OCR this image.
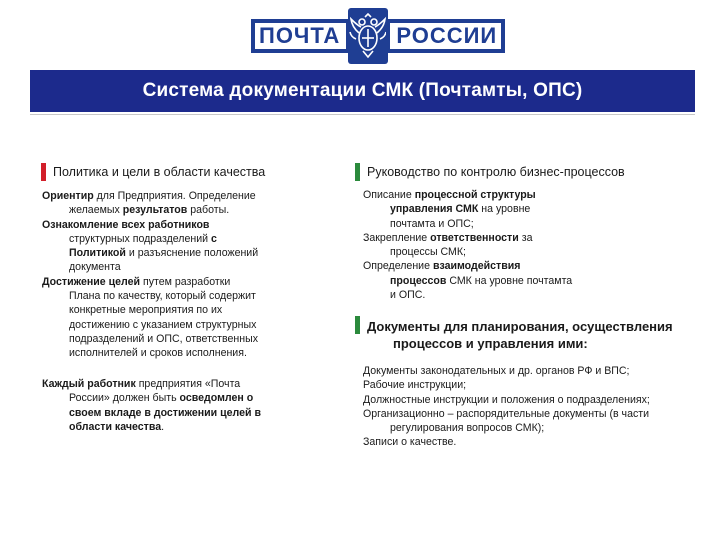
ПОЧТА	РОССИИ
Система документации СМК (Почтамты, ОПС)
Политика и цели в области качества

Ориентир для Предприятия. Определение
желаемых результатов работы.

Ознакомление всех работников
структурных подразделений с
Политикой и разъяснение положений
документа

Достижение целей путем разработки
Плана по качеству, который содержит
конкретные мероприятия по их
достижению с указанием структурных
подразделений и ОПС, ответственных
исполнителей и сроков исполнения.

Каждый работник предприятия «Почта
России» должен быть осведомлен о
своем вкладе в достижении целей в
области качества.

Руководство по контролю бизнес-процессов

Описание процессной структуры
управления СМК на уровне
почтамта и ОПС;

Закрепление ответственности за
процессы СМК;

Определение взаимодействия
процессов СМК на уровне почтамта
и ОПС.

Документы для планирования, осуществления
процессов и управления ими:

Документы законодательных и др. органов РФ и ВПС;
Рабочие инструкции;
Должностные инструкции и положения о подразделениях;
Организационно – распорядительные документы (в части
регулирования вопросов СМК);
Записи о качестве.
